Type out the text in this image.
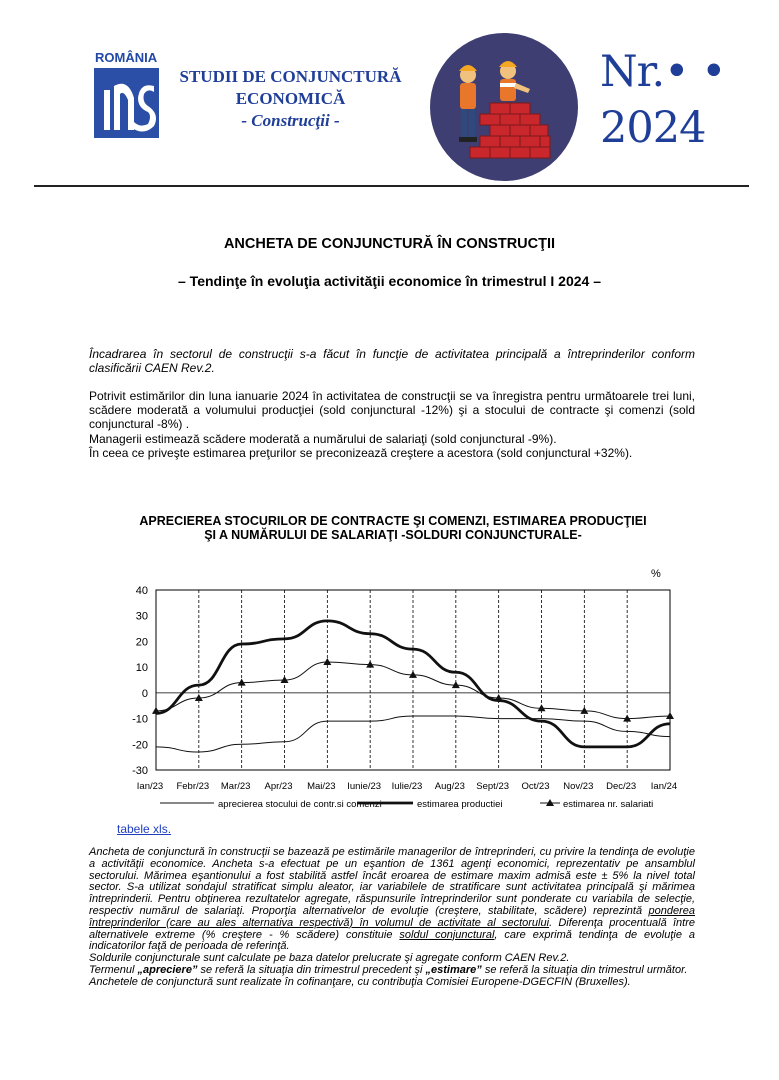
ROMÂNIA
STUDII DE CONJUNCTURĂ
ECONOMICĂ
- Construcţii -
Nr.• •
2024
ANCHETA DE CONJUNCTURĂ ÎN CONSTRUCŢII
– Tendinţe în evoluţia activităţii economice în trimestrul I 2024 –
Încadrarea în sectorul de construcţii s-a făcut în funcţie de activitatea principală a întreprinderilor conform clasificării CAEN Rev.2.
Potrivit estimărilor din luna ianuarie 2024 în activitatea de construcţii se va înregistra pentru următoarele trei luni, scădere moderată a volumului producţiei (sold conjunctural -12%) şi a stocului de contracte şi comenzi (sold conjunctural -8%) .
Managerii estimează scădere moderată a numărului de salariaţi (sold conjunctural -9%).
În ceea ce priveşte estimarea preţurilor se preconizează creştere a acestora (sold conjunctural +32%).
APRECIEREA STOCURILOR DE CONTRACTE ŞI COMENZI, ESTIMAREA PRODUCŢIEI
ŞI A NUMĂRULUI DE SALARIAŢI -SOLDURI CONJUNCTURALE-
%
40
30
20
10
0
-10
-20
-30
Ian/23 Febr/23 Mar/23 Apr/23 Mai/23 Iunie/23 Iulie/23 Aug/23 Sept/23 Oct/23 Nov/23 Dec/23 Ian/24
aprecierea stocului de contr.si comenzi	estimarea productiei	estimarea nr. salariati
tabele xls.
Ancheta de conjunctură în construcţii se bazează pe estimările managerilor de întreprinderi, cu privire la tendinţa de evoluţie a activităţii economice. Ancheta s-a efectuat pe un eşantion de 1361 agenţi economici, reprezentativ pe ansamblul sectorului. Mărimea eşantionului a fost stabilită astfel încât eroarea de estimare maxim admisă este ± 5% la nivel total sector. S-a utilizat sondajul stratificat simplu aleator, iar variabilele de stratificare sunt activitatea principală şi mărimea întreprinderii. Pentru obţinerea rezultatelor agregate, răspunsurile întreprinderilor sunt ponderate cu variabila de selecţie, respectiv numărul de salariaţi. Proporţia alternativelor de evoluţie (creştere, stabilitate, scădere) reprezintă ponderea întreprinderilor (care au ales alternativa respectivă) în volumul de activitate al sectorului. Diferenţa procentuală între alternativele extreme (% creştere - % scădere) constituie soldul conjunctural, care exprimă tendinţa de evoluţie a indicatorilor faţă de perioada de referinţă.
Soldurile conjuncturale sunt calculate pe baza datelor prelucrate şi agregate conform CAEN Rev.2.
Termenul „apreciere” se referă la situaţia din trimestrul precedent şi „estimare” se referă la situaţia din trimestrul următor.
Anchetele de conjunctură sunt realizate în cofinanţare, cu contribuţia Comisiei Europene-DGECFIN (Bruxelles).
